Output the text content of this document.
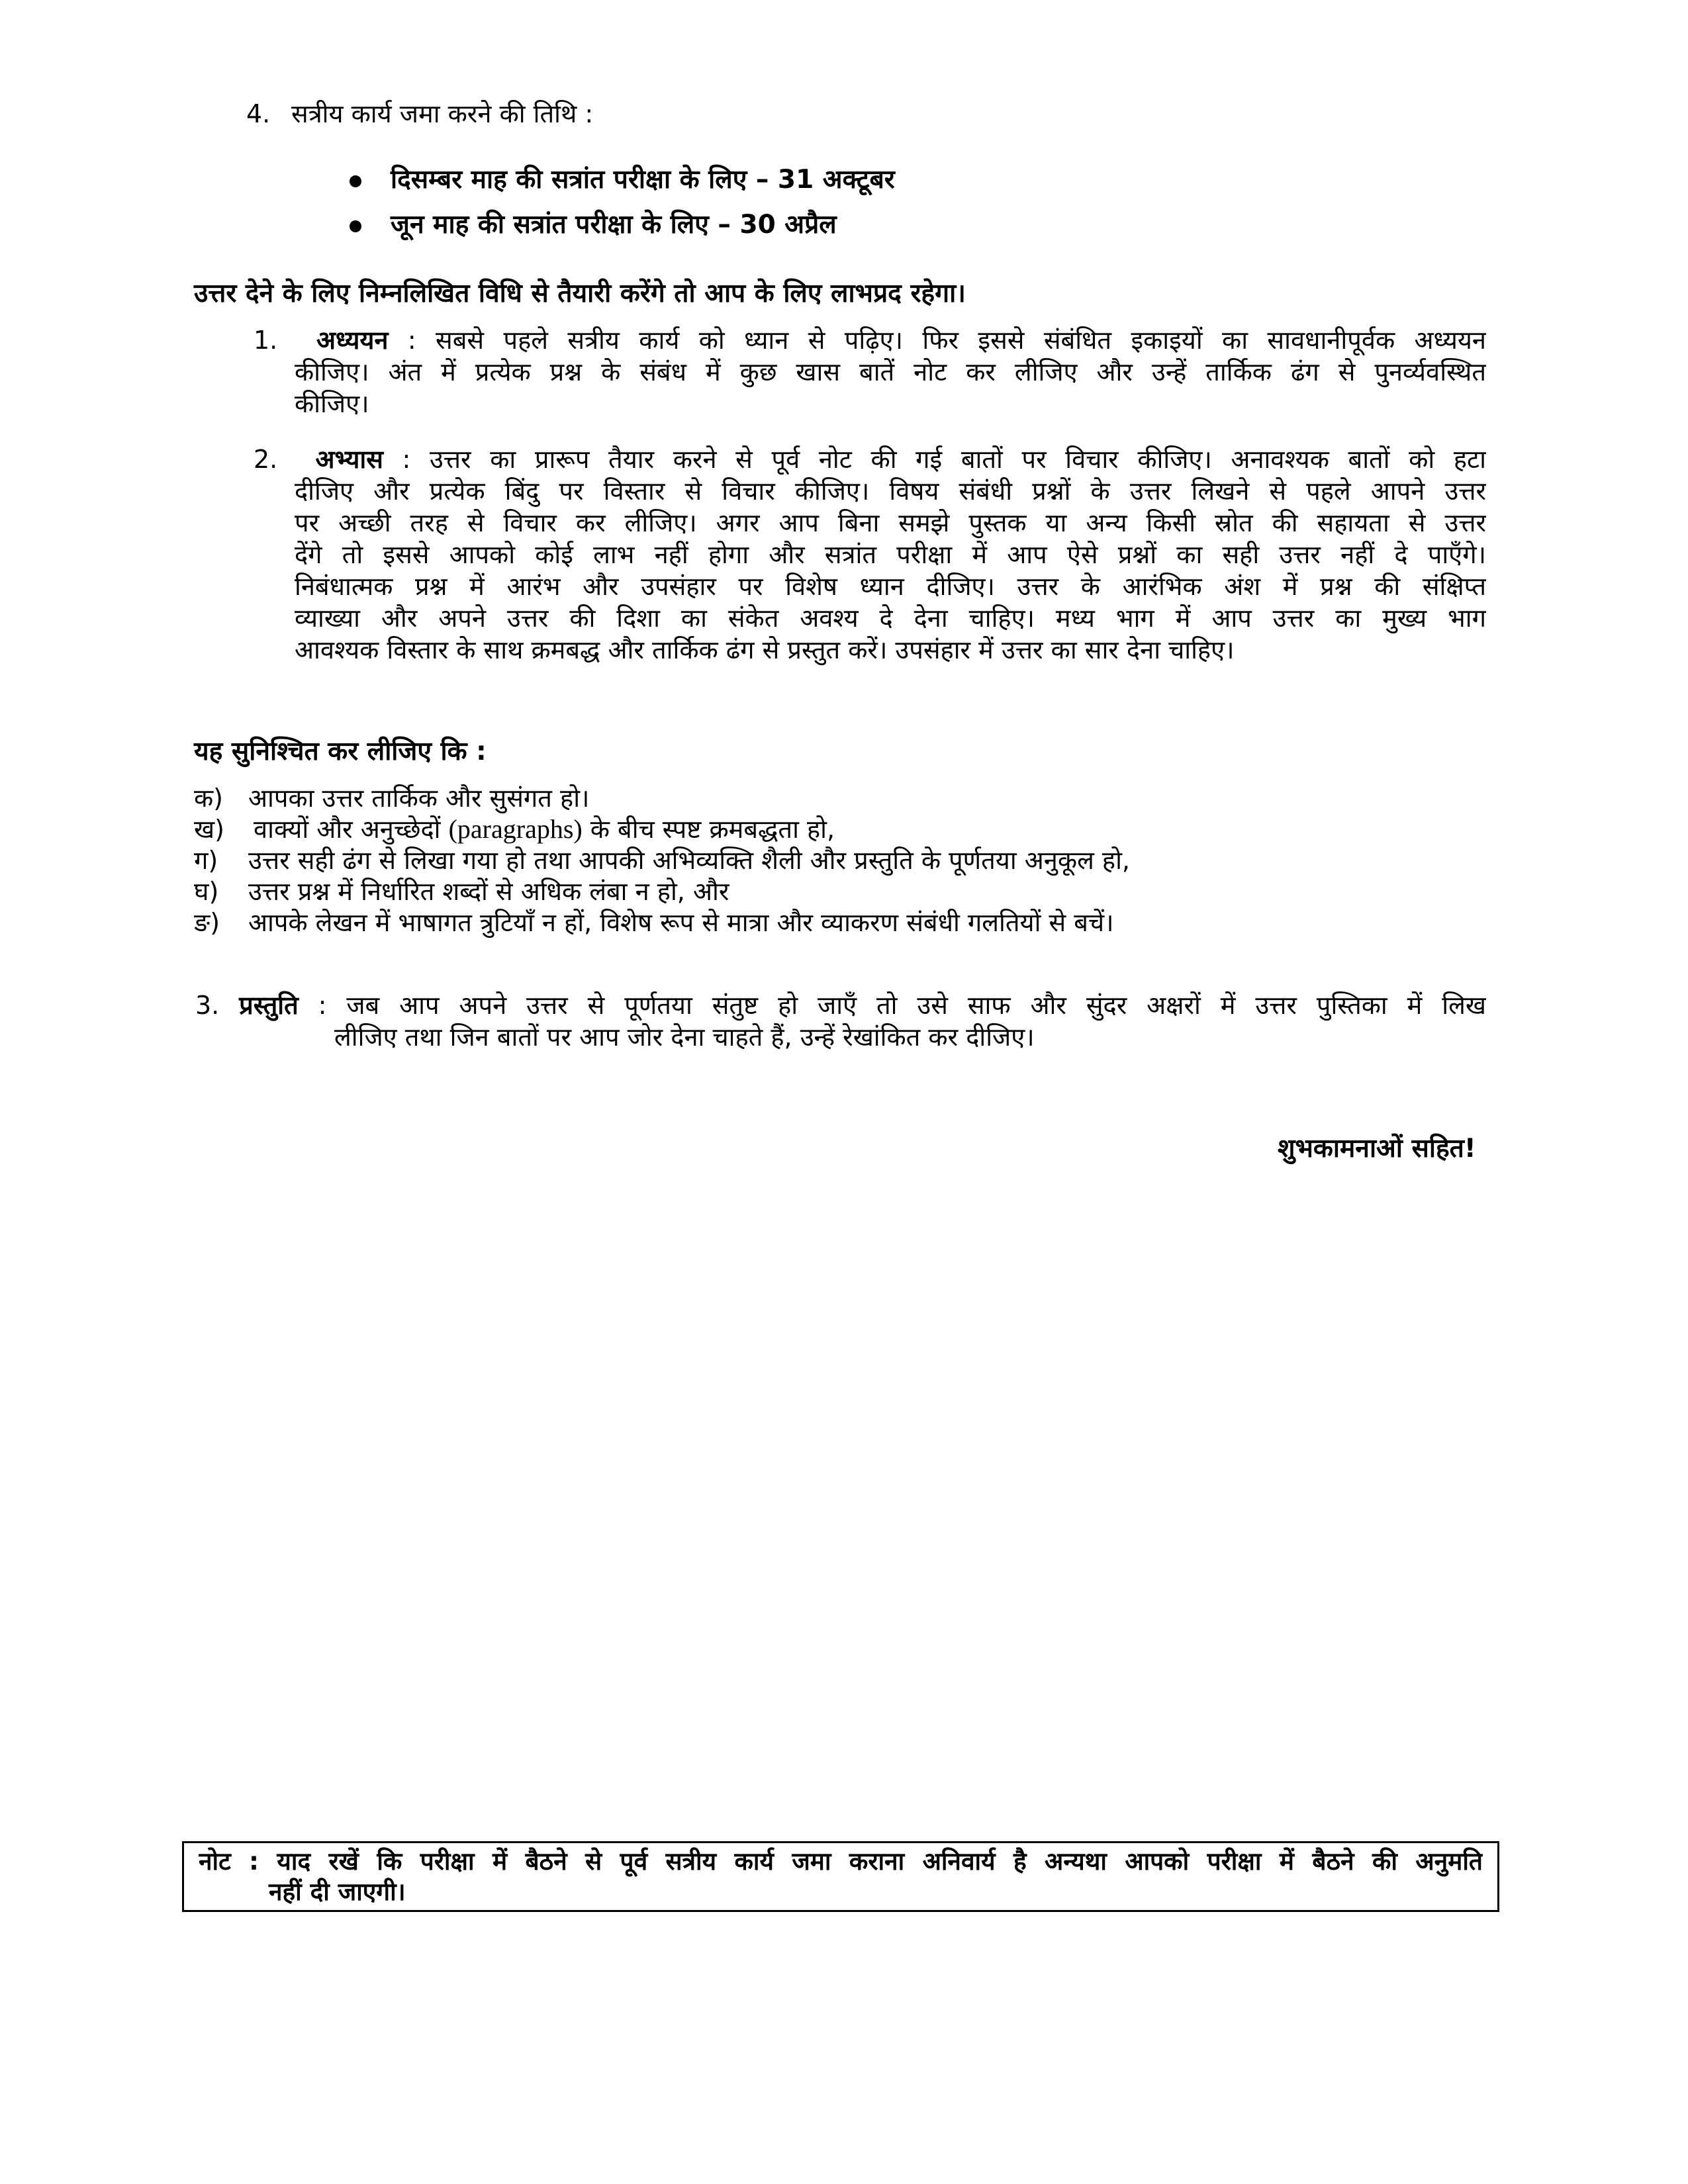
4. सत्रीय कार्य जमा करने की तिथि :
दिसम्बर माह की सत्रांत परीक्षा के लिए – 31 अक्टूबर
जून माह की सत्रांत परीक्षा के लिए – 30 अप्रैल
उत्तर देने के लिए निम्नलिखित विधि से तैयारी करेंगे तो आप के लिए लाभप्रद रहेगा।
1. अध्ययन : सबसे पहले सत्रीय कार्य को ध्यान से पढ़िए। फिर इससे संबंधित इकाइयों का सावधानीपूर्वक अध्ययन
कीजिए। अंत में प्रत्येक प्रश्न के संबंध में कुछ खास बातें नोट कर लीजिए और उन्हें तार्किक ढंग से पुनर्व्यवस्थित
कीजिए।
2. अभ्यास : उत्तर का प्रारूप तैयार करने से पूर्व नोट की गई बातों पर विचार कीजिए। अनावश्यक बातों को हटा
दीजिए और प्रत्येक बिंदु पर विस्तार से विचार कीजिए। विषय संबंधी प्रश्नों के उत्तर लिखने से पहले आपने उत्तर
पर अच्छी तरह से विचार कर लीजिए। अगर आप बिना समझे पुस्तक या अन्य किसी स्रोत की सहायता से उत्तर
देंगे तो इससे आपको कोई लाभ नहीं होगा और सत्रांत परीक्षा में आप ऐसे प्रश्नों का सही उत्तर नहीं दे पाएँगे।
निबंधात्मक प्रश्न में आरंभ और उपसंहार पर विशेष ध्यान दीजिए। उत्तर के आरंभिक अंश में प्रश्न की संक्षिप्त
व्याख्या और अपने उत्तर की दिशा का संकेत अवश्य दे देना चाहिए। मध्य भाग में आप उत्तर का मुख्य भाग
आवश्यक विस्तार के साथ क्रमबद्ध और तार्किक ढंग से प्रस्तुत करें। उपसंहार में उत्तर का सार देना चाहिए।
यह सुनिश्चित कर लीजिए कि :
क) आपका उत्तर तार्किक और सुसंगत हो।
ख) वाक्यों और अनुच्छेदों (paragraphs) के बीच स्पष्ट क्रमबद्धता हो,
ग) उत्तर सही ढंग से लिखा गया हो तथा आपकी अभिव्यक्ति शैली और प्रस्तुति के पूर्णतया अनुकूल हो,
घ) उत्तर प्रश्न में निर्धारित शब्दों से अधिक लंबा न हो, और
ङ) आपके लेखन में भाषागत त्रुटियाँ न हों, विशेष रूप से मात्रा और व्याकरण संबंधी गलतियों से बचें।
3. प्रस्तुति : जब आप अपने उत्तर से पूर्णतया संतुष्ट हो जाएँ तो उसे साफ और सुंदर अक्षरों में उत्तर पुस्तिका में लिख
लीजिए तथा जिन बातों पर आप जोर देना चाहते हैं, उन्हें रेखांकित कर दीजिए।
शुभकामनाओं सहित!
नोट : याद रखें कि परीक्षा में बैठने से पूर्व सत्रीय कार्य जमा कराना अनिवार्य है अन्यथा आपको परीक्षा में बैठने की अनुमति
नहीं दी जाएगी।
